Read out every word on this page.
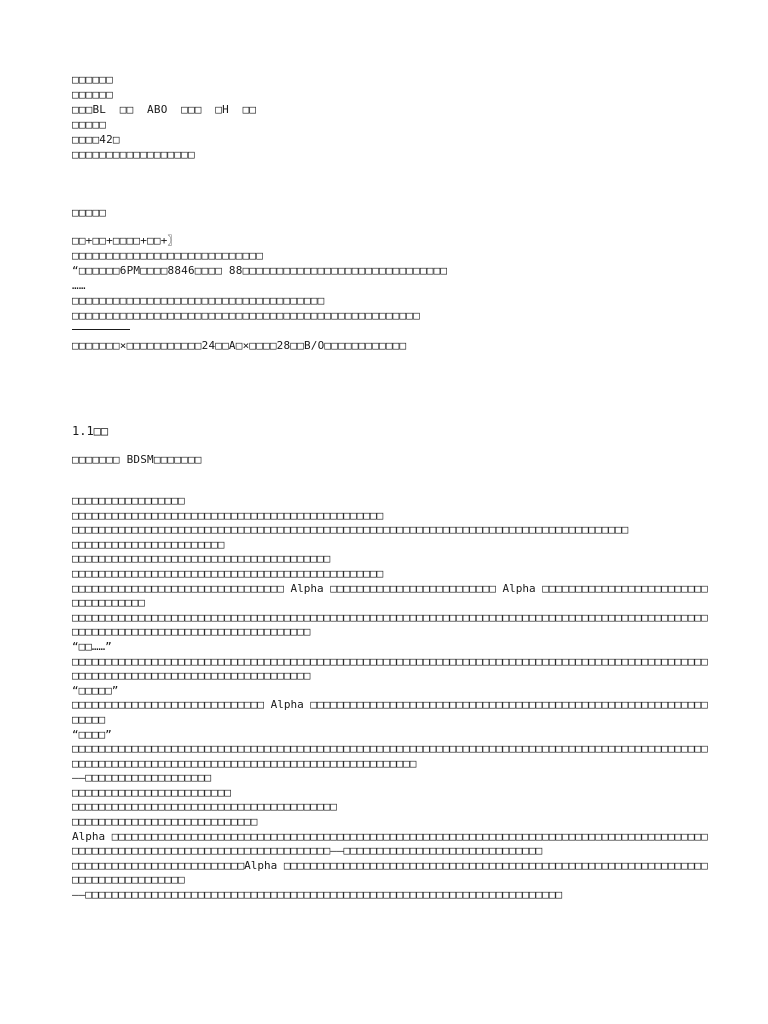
□□□□□□
□□□□□□
□□□BL  □□  ABO  □□□  □H  □□
□□□□□
□□□□42□
□□□□□□□□□□□□□□□□□□
□□□□□
□□+□□+□□□□+□□+〗
□□□□□□□□□□□□□□□□□□□□□□□□□□□□
“□□□□□□6PM□□□□8846□□□□ 88□□□□□□□□□□□□□□□□□□□□□□□□□□□□□□
……
□□□□□□□□□□□□□□□□□□□□□□□□□□□□□□□□□□□□□
□□□□□□□□□□□□□□□□□□□□□□□□□□□□□□□□□□□□□□□□□□□□□□□□□□□
□□□□□□□×□□□□□□□□□□□24□□A□×□□□□28□□B/O□□□□□□□□□□□□
1.1□□
□□□□□□□ BDSM□□□□□□□
□□□□□□□□□□□□□□□□□
□□□□□□□□□□□□□□□□□□□□□□□□□□□□□□□□□□□□□□□□□□□□□□□
□□□□□□□□□□□□□□□□□□□□□□□□□□□□□□□□□□□□□□□□□□□□□□□□□□□□□□□□□□□□□□□□□□□□□□□□□□□□□□□□□□□□
□□□□□□□□□□□□□□□□□□□□□□□
□□□□□□□□□□□□□□□□□□□□□□□□□□□□□□□□□□□□□□□
□□□□□□□□□□□□□□□□□□□□□□□□□□□□□□□□□□□□□□□□□□□□□□□
□□□□□□□□□□□□□□□□□□□□□□□□□□□□□□□□ Alpha □□□□□□□□□□□□□□□□□□□□□□□□□ Alpha □□□□□□□□□□□□□□□□□□□□□□□□□□□□□□□□□□□□
□□□□□□□□□□□□□□□□□□□□□□□□□□□□□□□□□□□□□□□□□□□□□□□□□□□□□□□□□□□□□□□□□□□□□□□□□□□□□□□□□□□□□□□□□□□□□□□□□□□□□□□□□□□□□□□□□□□□□□□□□□□□□□□□□□□□
“□□……”
□□□□□□□□□□□□□□□□□□□□□□□□□□□□□□□□□□□□□□□□□□□□□□□□□□□□□□□□□□□□□□□□□□□□□□□□□□□□□□□□□□□□□□□□□□□□□□□□□□□□□□□□□□□□□□□□□□□□□□□□□□□□□□□□□□□□
“□□□□□”
□□□□□□□□□□□□□□□□□□□□□□□□□□□□□ Alpha □□□□□□□□□□□□□□□□□□□□□□□□□□□□□□□□□□□□□□□□□□□□□□□□□□□□□□□□□□□□□□□□□
“□□□□”
□□□□□□□□□□□□□□□□□□□□□□□□□□□□□□□□□□□□□□□□□□□□□□□□□□□□□□□□□□□□□□□□□□□□□□□□□□□□□□□□□□□□□□□□□□□□□□□□□□□□□□□□□□□□□□□□□□□□□□□□□□□□□□□□□□□□□□□□□□□□□□□□□□□□
——□□□□□□□□□□□□□□□□□□□
□□□□□□□□□□□□□□□□□□□□□□□□
□□□□□□□□□□□□□□□□□□□□□□□□□□□□□□□□□□□□□□□□
□□□□□□□□□□□□□□□□□□□□□□□□□□□□
Alpha □□□□□□□□□□□□□□□□□□□□□□□□□□□□□□□□□□□□□□□□□□□□□□□□□□□□□□□□□□□□□□□□□□□□□□□□□□□□□□□□□□□□□□□□□□□□□□□□□□□□□□□□□□□□□□□□□□□□□□□□□□□□□□□□□——□□□□□□□□□□□□□□□□□□□□□□□□□□□□□□
□□□□□□□□□□□□□□□□□□□□□□□□□□Alpha □□□□□□□□□□□□□□□□□□□□□□□□□□□□□□□□□□□□□□□□□□□□□□□□□□□□□□□□□□□□□□□□□□□□□□□□□□□□□□□□□
——□□□□□□□□□□□□□□□□□□□□□□□□□□□□□□□□□□□□□□□□□□□□□□□□□□□□□□□□□□□□□□□□□□□□□□□□
